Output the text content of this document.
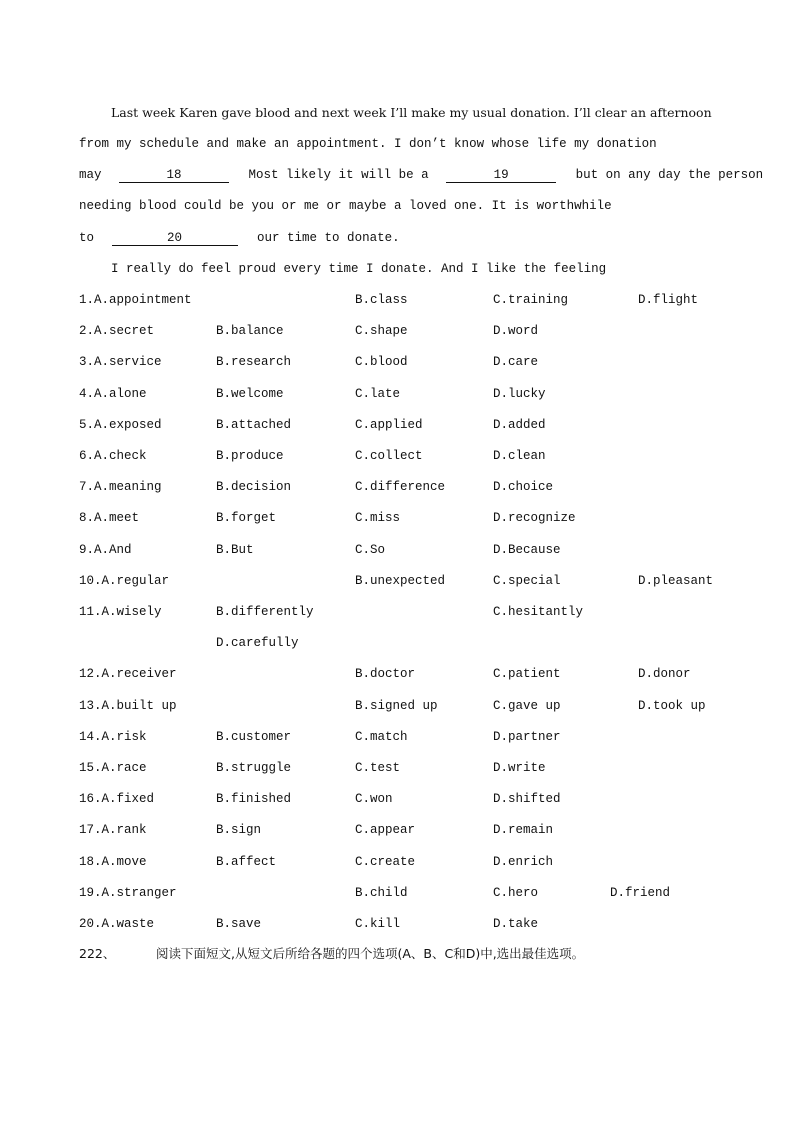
Last week Karen gave blood and next week I’ll make my usual donation. I’ll clear an afternoon
from my schedule and make an appointment. I don’t know whose life my donation
may	18	Most likely it will be a	19	but on any day the person
needing blood could be you or me or maybe a loved one. It is worthwhile
to	20	our time to donate.
I really do feel proud every time I donate. And I like the feeling
1.A.appointment	B.class	C.training	D.flight
2.A.secret	B.balance	C.shape	D.word
3.A.service	B.research	C.blood	D.care
4.A.alone	B.welcome	C.late	D.lucky
5.A.exposed	B.attached	C.applied	D.added
6.A.check	B.produce	C.collect	D.clean
7.A.meaning	B.decision	C.difference	D.choice
8.A.meet	B.forget	C.miss	D.recognize
9.A.And	B.But	C.So	D.Because
10.A.regular	B.unexpected	C.special	D.pleasant
11.A.wisely	B.differently	C.hesitantly
D.carefully
12.A.receiver	B.doctor	C.patient	D.donor
13.A.built up	B.signed up	C.gave up	D.took up
14.A.risk	B.customer	C.match	D.partner
15.A.race	B.struggle	C.test	D.write
16.A.fixed	B.finished	C.won	D.shifted
17.A.rank	B.sign	C.appear	D.remain
18.A.move	B.affect	C.create	D.enrich
19.A.stranger	B.child	C.hero	D.friend
20.A.waste	B.save	C.kill	D.take
222、	阅读下面短文,从短文后所给各题的四个选项(A、B、C和D)中,选出最佳选项。
